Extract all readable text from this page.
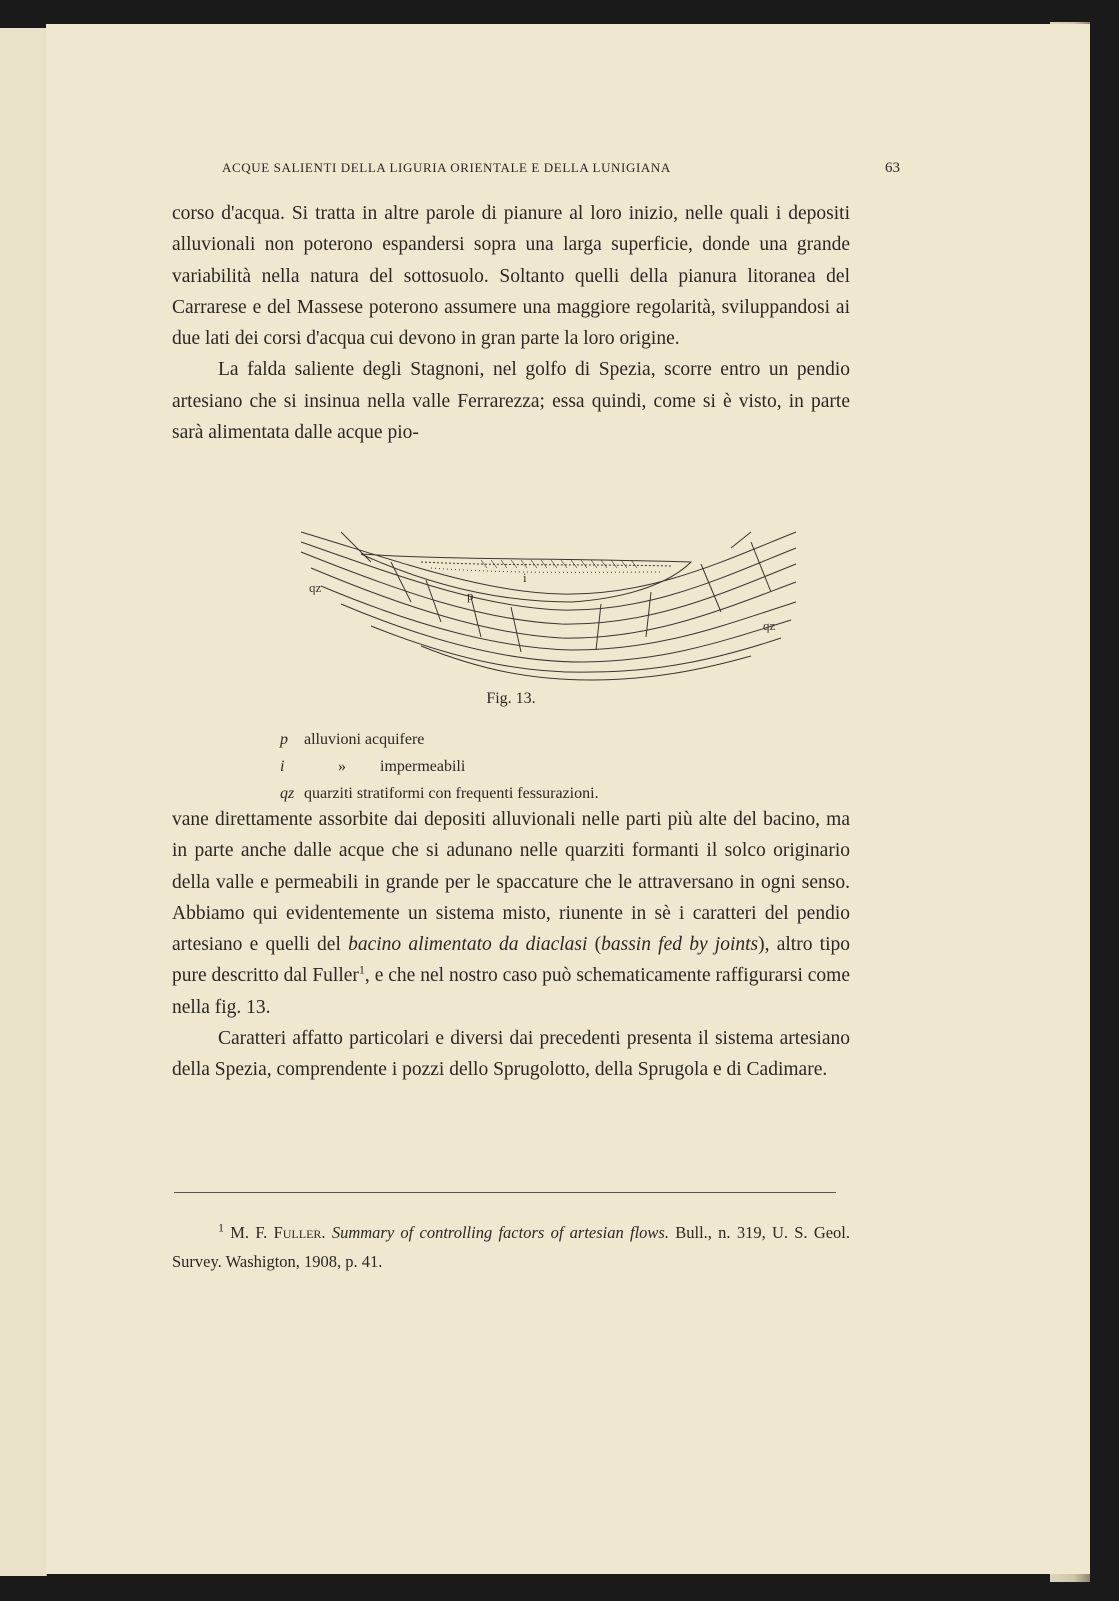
ACQUE SALIENTI DELLA LIGURIA ORIENTALE E DELLA LUNIGIANA	63

corso d'acqua. Si tratta in altre parole di pianure al loro inizio, nelle quali i depositi alluvionali non poterono espandersi sopra una larga superficie, donde una grande variabilità nella natura del sottosuolo. Soltanto quelli della pianura litoranea del Carrarese e del Massese poterono assumere una maggiore regolarità, sviluppandosi ai due lati dei corsi d'acqua cui devono in gran parte la loro origine.

La falda saliente degli Stagnoni, nel golfo di Spezia, scorre entro un pendio artesiano che si insinua nella valle Ferrarezza; essa quindi, come si è visto, in parte sarà alimentata dalle acque pio-

qz
qz
p
i
Fig. 13.
p	alluvioni acquifere
i	»	impermeabili
qz quarziti stratiformi con frequenti fessurazioni.

vane direttamente assorbite dai depositi alluvionali nelle parti più alte del bacino, ma in parte anche dalle acque che si adunano nelle quarziti formanti il solco originario della valle e permeabili in grande per le spaccature che le attraversano in ogni senso. Abbiamo qui evidentemente un sistema misto, riunente in sè i caratteri del pendio artesiano e quelli del bacino alimentato da diaclasi (bassin fed by joints), altro tipo pure descritto dal Fuller$^1$, e che nel nostro caso può schematicamente raffigurarsi come nella fig. 13.

Caratteri affatto particolari e diversi dai precedenti presenta il sistema artesiano della Spezia, comprendente i pozzi dello Sprugolotto, della Sprugola e di Cadimare.

$^1$ M. F. Fuller. Summary of controlling factors of artesian flows. Bull., n. 319, U. S. Geol. Survey. Washigton, 1908, p. 41.
